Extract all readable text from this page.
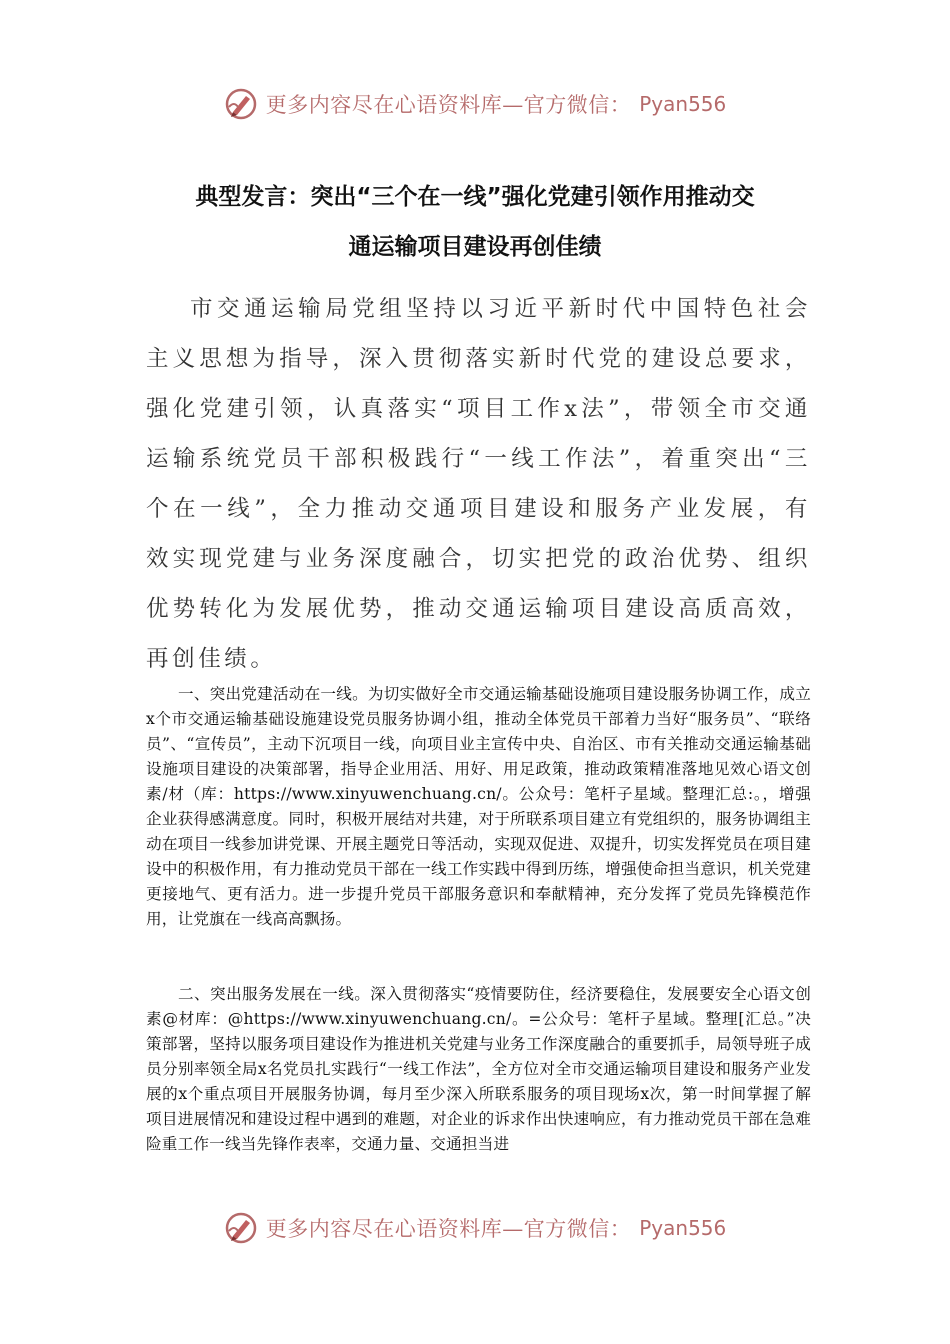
更多内容尽在心语资料库—官方微信： Pyan556
典型发言：突出“三个在一线”强化党建引领作用推动交
通运输项目建设再创佳绩

市交通运输局党组坚持以习近平新时代中国特色社会主义思想为指导，深入贯彻落实新时代党的建设总要求，强化党建引领，认真落实“项目工作x法”，带领全市交通运输系统党员干部积极践行“一线工作法”，着重突出“三个在一线”，全力推动交通项目建设和服务产业发展，有效实现党建与业务深度融合，切实把党的政治优势、组织优势转化为发展优势，推动交通运输项目建设高质高效，再创佳绩。

一、突出党建活动在一线。为切实做好全市交通运输基础设施项目建设服务协调工作，成立x个市交通运输基础设施建设党员服务协调小组，推动全体党员干部着力当好“服务员”、“联络员”、“宣传员”，主动下沉项目一线，向项目业主宣传中央、自治区、市有关推动交通运输基础设施项目建设的决策部署，指导企业用活、用好、用足政策，推动政策精准落地见效心语文创素/材（库：https://www.xinyuwenchuang.cn/。公众号：笔杆子星域。整理汇总:。，增强企业获得感满意度。同时，积极开展结对共建，对于所联系项目建立有党组织的，服务协调组主动在项目一线参加讲党课、开展主题党日等活动，实现双促进、双提升，切实发挥党员在项目建设中的积极作用，有力推动党员干部在一线工作实践中得到历练，增强使命担当意识，机关党建更接地气、更有活力。进一步提升党员干部服务意识和奉献精神，充分发挥了党员先锋模范作用，让党旗在一线高高飘扬。

二、突出服务发展在一线。深入贯彻落实“疫情要防住，经济要稳住，发展要安全心语文创素@材库：@https://www.xinyuwenchuang.cn/。=公众号：笔杆子星域。整理[汇总。”决策部署，坚持以服务项目建设作为推进机关党建与业务工作深度融合的重要抓手，局领导班子成员分别率领全局x名党员扎实践行“一线工作法”，全方位对全市交通运输项目建设和服务产业发展的x个重点项目开展服务协调，每月至少深入所联系服务的项目现场x次，第一时间掌握了解项目进展情况和建设过程中遇到的难题，对企业的诉求作出快速响应，有力推动党员干部在急难险重工作一线当先锋作表率，交通力量、交通担当进

更多内容尽在心语资料库—官方微信： Pyan556
